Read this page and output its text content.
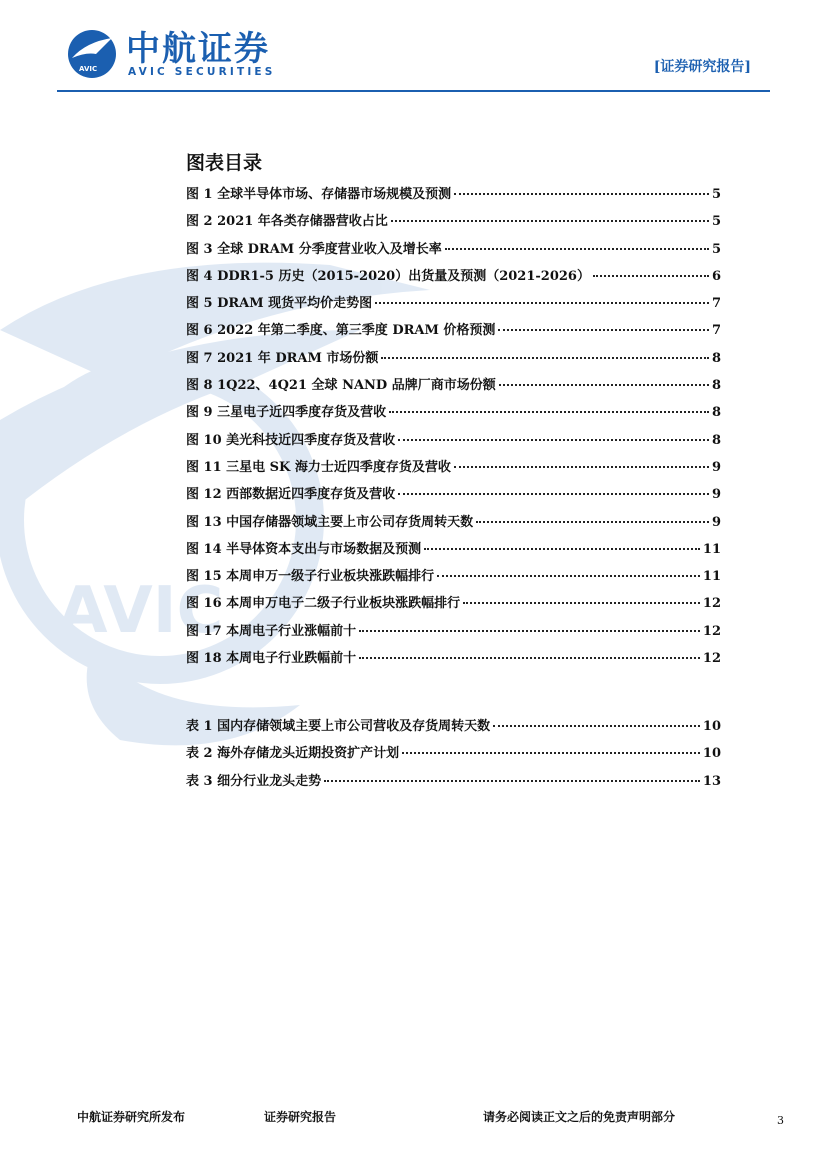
AVIC
AVIC 中航证券
AVIC SECURITIES	[证券研究报告]
图表目录
图 1 全球半导体市场、存储器市场规模及预测	5
图 2 2021 年各类存储器营收占比	5
图 3 全球 DRAM 分季度营业收入及增长率	5
图 4 DDR1-5 历史（2015-2020）出货量及预测（2021-2026）	6
图 5 DRAM 现货平均价走势图	7
图 6 2022 年第二季度、第三季度 DRAM 价格预测	7
图 7 2021 年 DRAM 市场份额	8
图 8 1Q22、4Q21 全球 NAND 品牌厂商市场份额	8
图 9 三星电子近四季度存货及营收	8
图 10 美光科技近四季度存货及营收	8
图 11 三星电 SK 海力士近四季度存货及营收	9
图 12 西部数据近四季度存货及营收	9
图 13 中国存储器领域主要上市公司存货周转天数	9
图 14 半导体资本支出与市场数据及预测	11
图 15 本周申万一级子行业板块涨跌幅排行	11
图 16 本周申万电子二级子行业板块涨跌幅排行	12
图 17 本周电子行业涨幅前十	12
图 18 本周电子行业跌幅前十	12
表 1 国内存储领域主要上市公司营收及存货周转天数	10
表 2 海外存储龙头近期投资扩产计划	10
表 3 细分行业龙头走势	13
中航证券研究所发布	证券研究报告	请务必阅读正文之后的免责声明部分	3
